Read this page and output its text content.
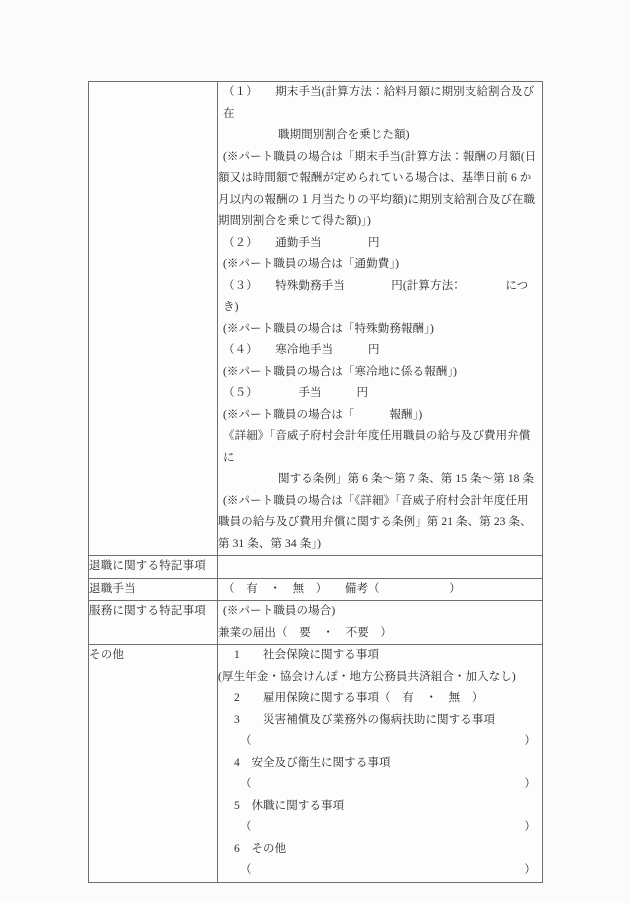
（１）　　期末手当(計算方法：給料月額に期別支給割合及び在
職期間別割合を乗じた額)
(※パート職員の場合は「期末手当(計算方法：報酬の月額(日
額又は時間額で報酬が定められている場合は、基準日前 6 か
月以内の報酬の１月当たりの平均額)に期別支給割合及び在職
期間別割合を乗じて得た額)」)
（２）　　通勤手当　　　　円
(※パート職員の場合は「通勤費」)
（３）　　特殊勤務手当　　　　円(計算方法：　　　　につき)
(※パート職員の場合は「特殊勤務報酬」)
（４）　　寒冷地手当　　　円
(※パート職員の場合は「寒冷地に係る報酬」)
（５）　　　　手当　　　円
(※パート職員の場合は「　　　報酬」)
《詳細》「音威子府村会計年度任用職員の給与及び費用弁償に
関する条例」第 6 条～第 7 条、第 15 条～第 18 条
(※パート職員の場合は「《詳細》「音威子府村会計年度任用
職員の給与及び費用弁償に関する条例」第 21 条、第 23 条、
第 31 条、第 34 条」)

退職に関する特記事項	

退職手当	（　有　・　無　）　　備考（　　　　　　）

服務に関する特記事項	(※パート職員の場合)
兼業の届出（　要　・　不要　）

その他	1　　社会保険に関する事項
(厚生年金・協会けんぽ・地方公務員共済組合・加入なし)
2　　雇用保険に関する事項（　有　・　無　）
3　　災害補償及び業務外の傷病扶助に関する事項
（	）
4　安全及び衛生に関する事項
（	）
5　休職に関する事項
（	）
6　その他
（	）
